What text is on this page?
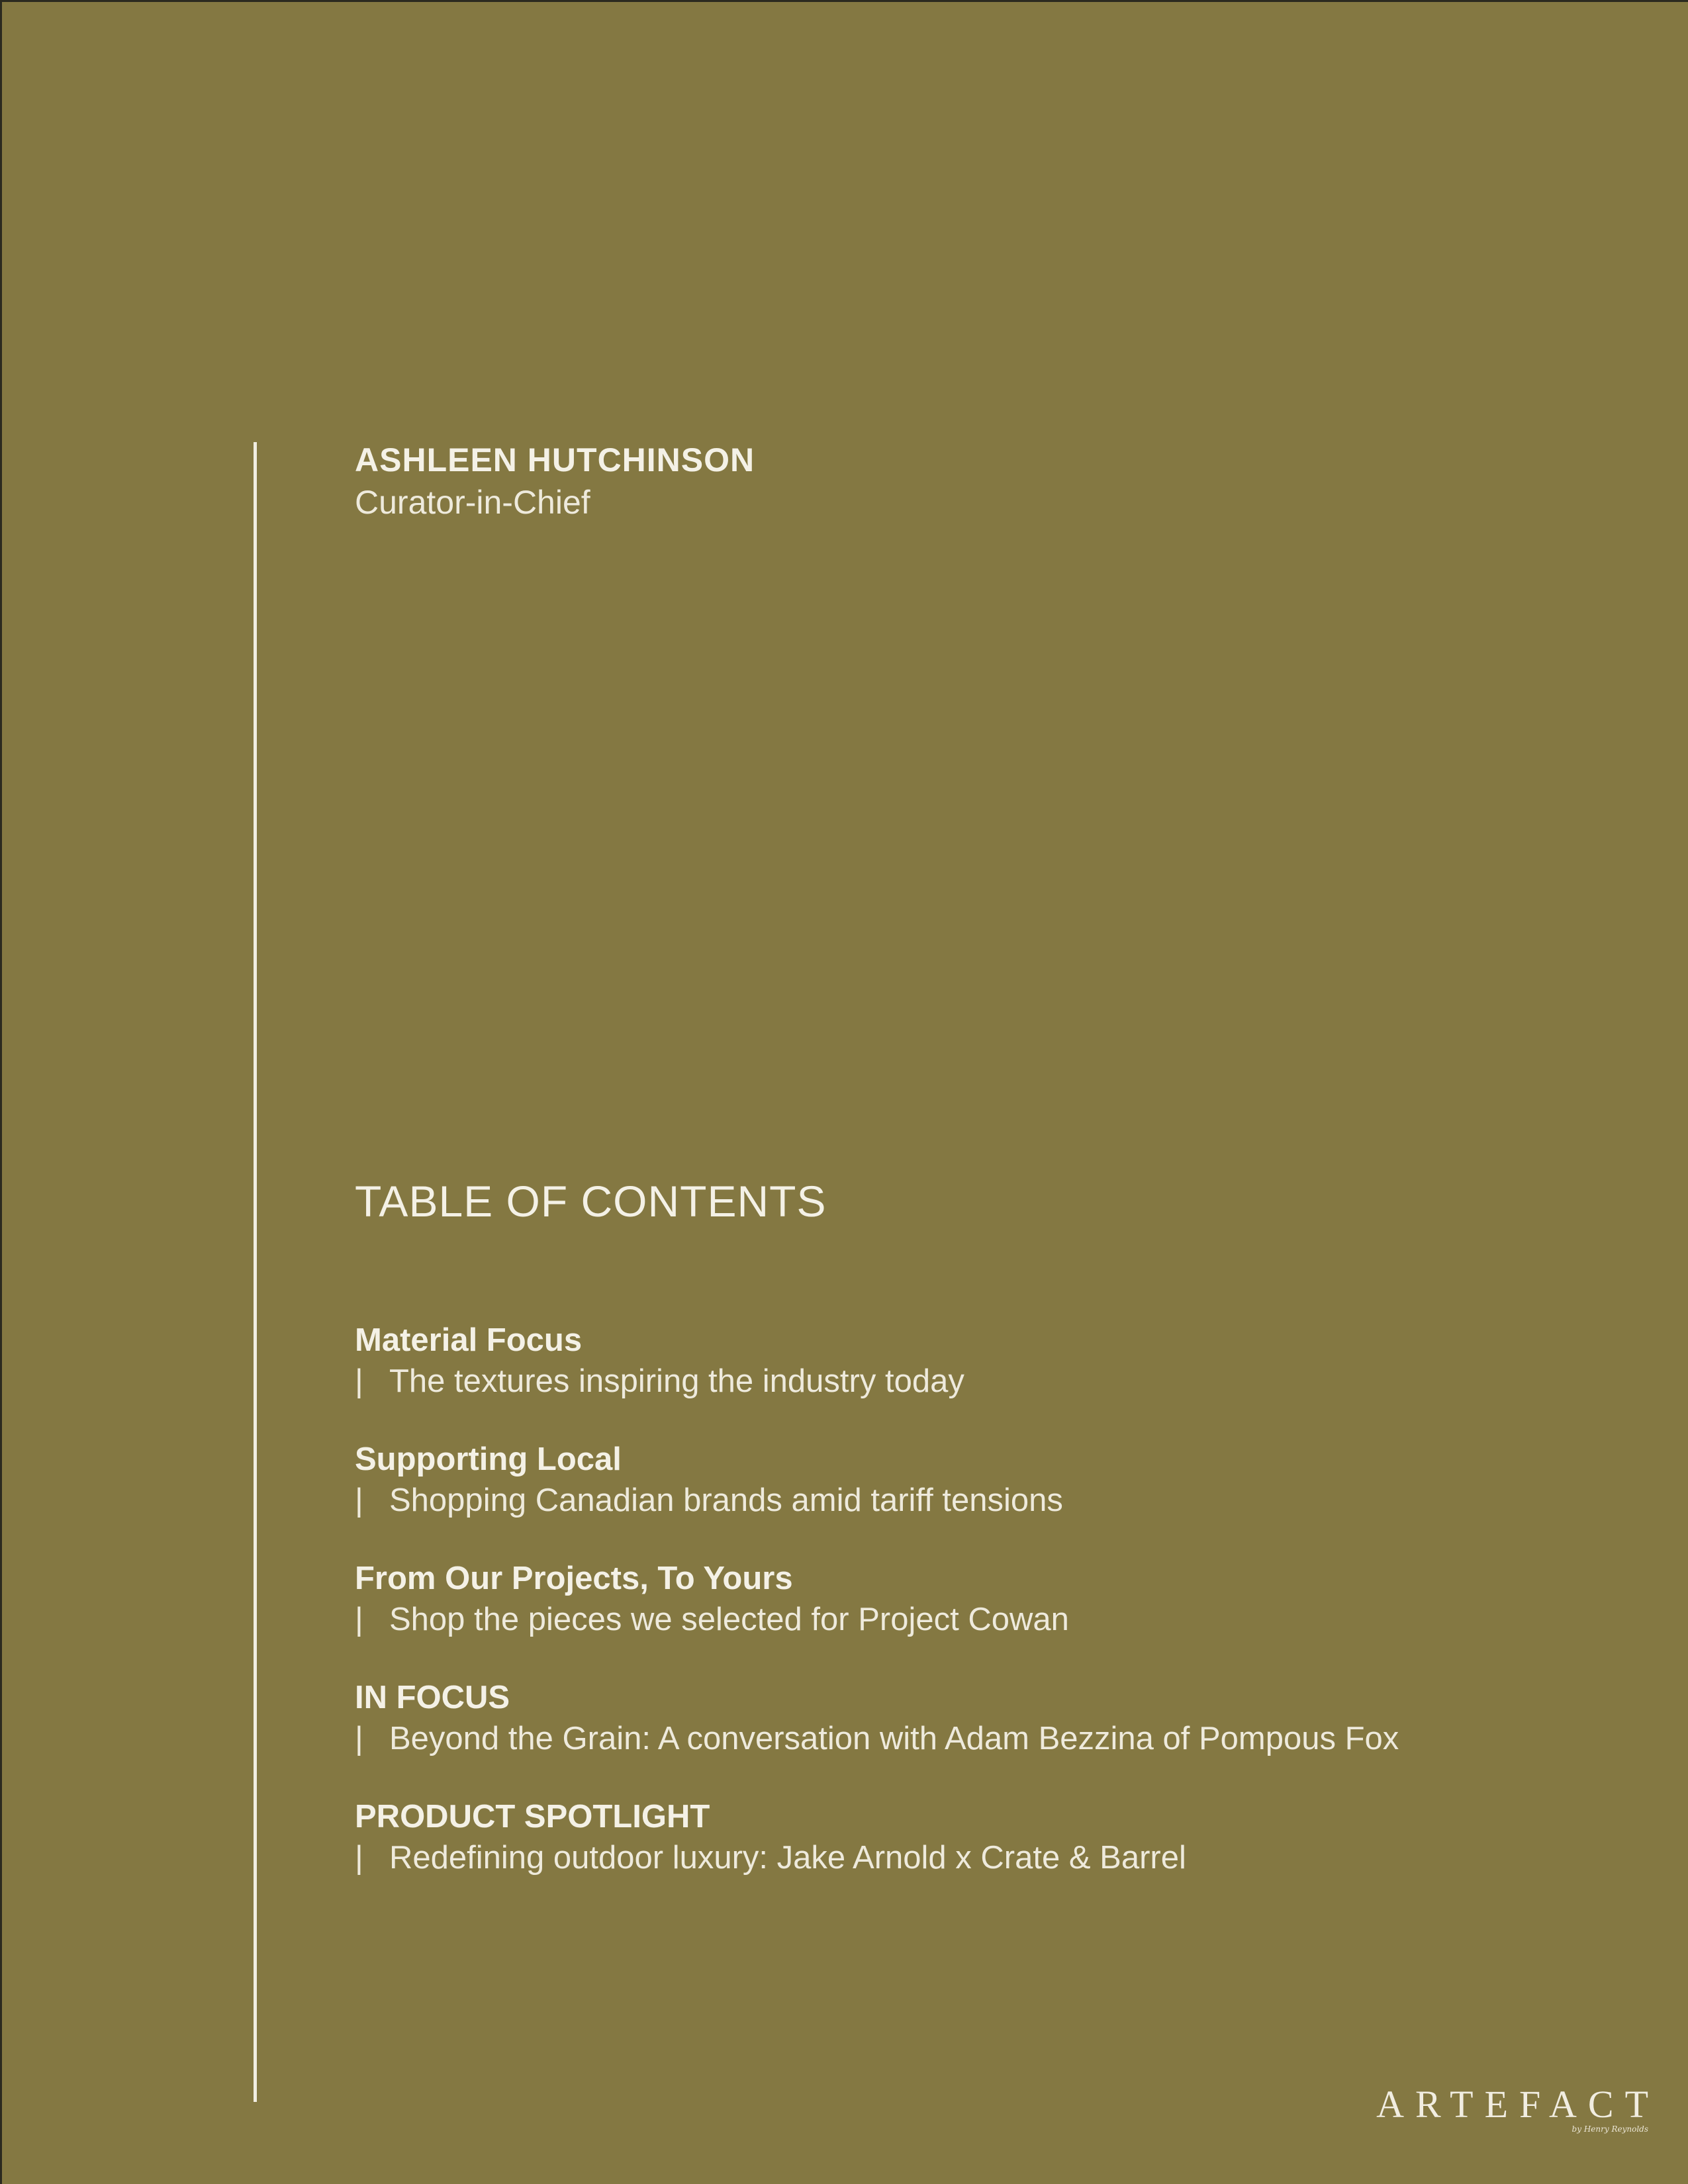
ASHLEEN HUTCHINSON
Curator-in-Chief
TABLE OF CONTENTS
Material Focus
| The textures inspiring the industry today
Supporting Local
| Shopping Canadian brands amid tariff tensions
From Our Projects, To Yours
| Shop the pieces we selected for Project Cowan
IN FOCUS
| Beyond the Grain: A conversation with Adam Bezzina of Pompous Fox
PRODUCT SPOTLIGHT
| Redefining outdoor luxury: Jake Arnold x Crate & Barrel
ARTEFACT
by Henry Reynolds
